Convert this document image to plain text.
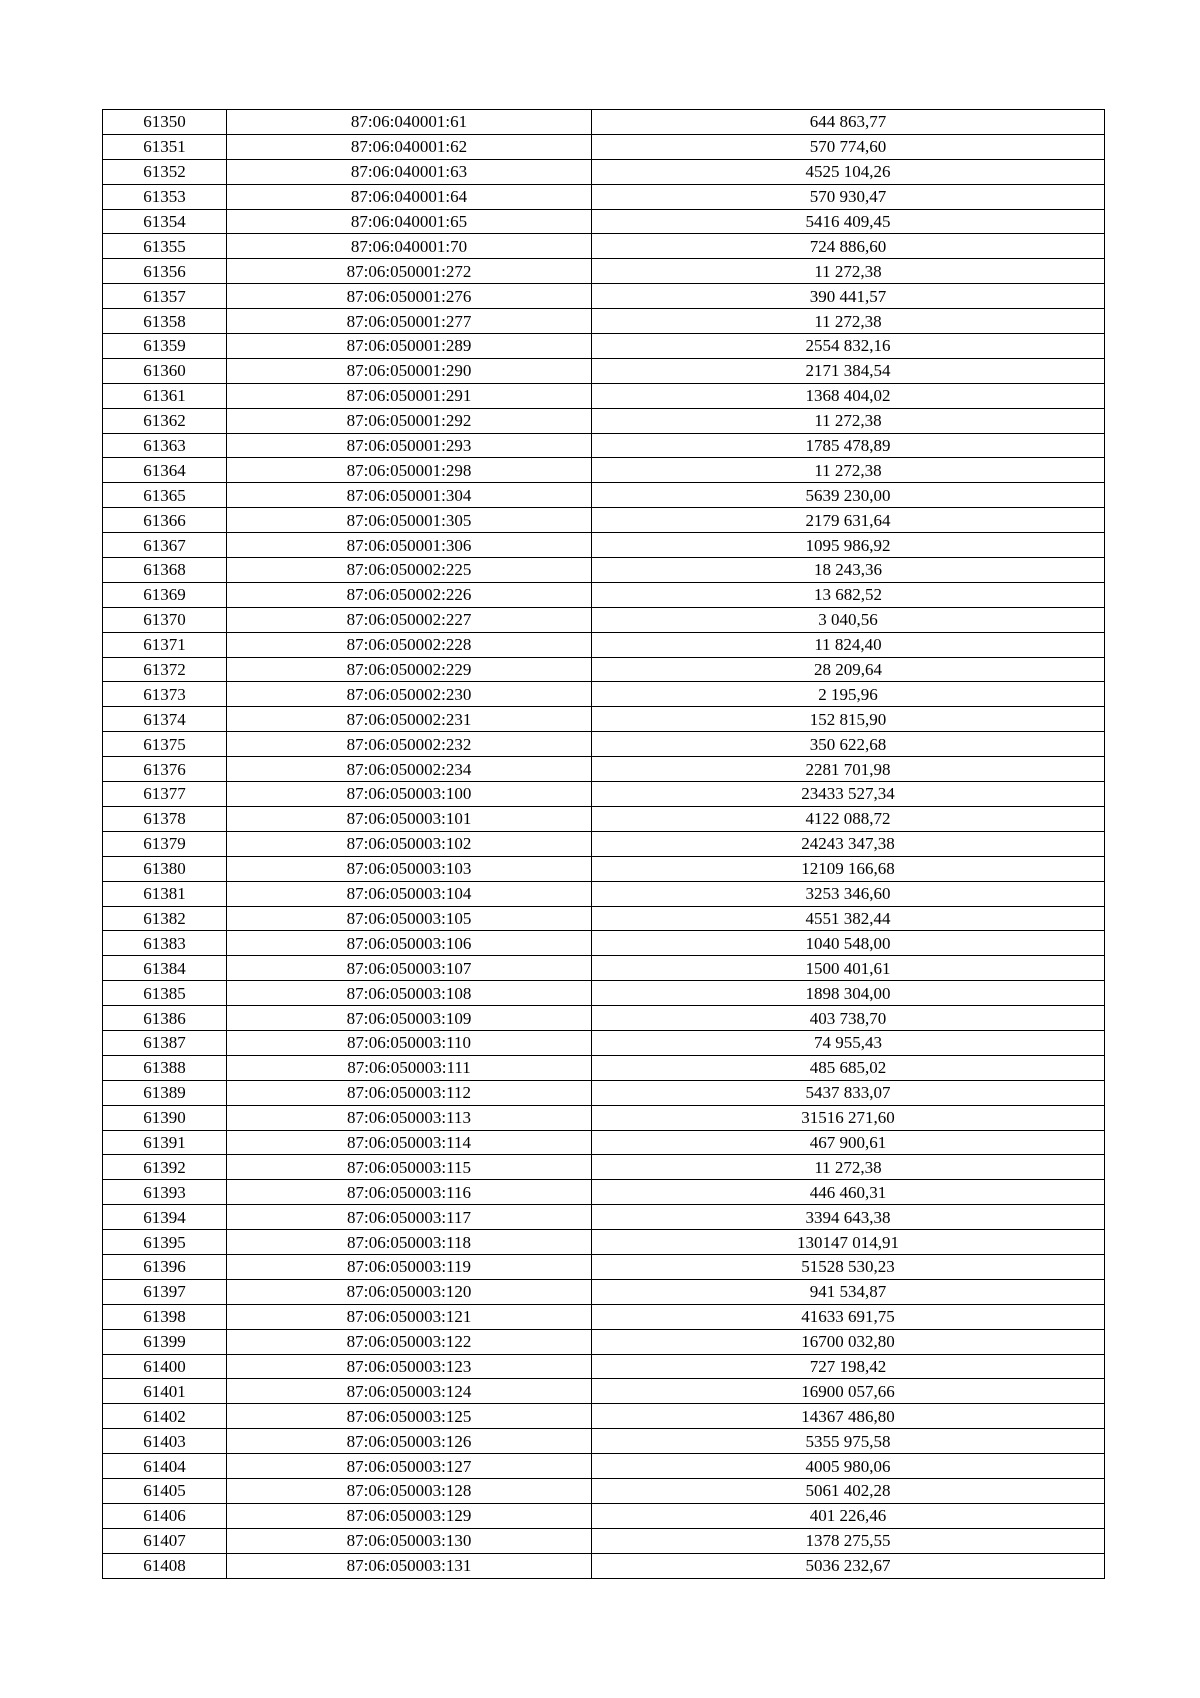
61350	87:06:040001:61	644 863,77
61351	87:06:040001:62	570 774,60
61352	87:06:040001:63	4525 104,26
61353	87:06:040001:64	570 930,47
61354	87:06:040001:65	5416 409,45
61355	87:06:040001:70	724 886,60
61356	87:06:050001:272	11 272,38
61357	87:06:050001:276	390 441,57
61358	87:06:050001:277	11 272,38
61359	87:06:050001:289	2554 832,16
61360	87:06:050001:290	2171 384,54
61361	87:06:050001:291	1368 404,02
61362	87:06:050001:292	11 272,38
61363	87:06:050001:293	1785 478,89
61364	87:06:050001:298	11 272,38
61365	87:06:050001:304	5639 230,00
61366	87:06:050001:305	2179 631,64
61367	87:06:050001:306	1095 986,92
61368	87:06:050002:225	18 243,36
61369	87:06:050002:226	13 682,52
61370	87:06:050002:227	3 040,56
61371	87:06:050002:228	11 824,40
61372	87:06:050002:229	28 209,64
61373	87:06:050002:230	2 195,96
61374	87:06:050002:231	152 815,90
61375	87:06:050002:232	350 622,68
61376	87:06:050002:234	2281 701,98
61377	87:06:050003:100	23433 527,34
61378	87:06:050003:101	4122 088,72
61379	87:06:050003:102	24243 347,38
61380	87:06:050003:103	12109 166,68
61381	87:06:050003:104	3253 346,60
61382	87:06:050003:105	4551 382,44
61383	87:06:050003:106	1040 548,00
61384	87:06:050003:107	1500 401,61
61385	87:06:050003:108	1898 304,00
61386	87:06:050003:109	403 738,70
61387	87:06:050003:110	74 955,43
61388	87:06:050003:111	485 685,02
61389	87:06:050003:112	5437 833,07
61390	87:06:050003:113	31516 271,60
61391	87:06:050003:114	467 900,61
61392	87:06:050003:115	11 272,38
61393	87:06:050003:116	446 460,31
61394	87:06:050003:117	3394 643,38
61395	87:06:050003:118	130147 014,91
61396	87:06:050003:119	51528 530,23
61397	87:06:050003:120	941 534,87
61398	87:06:050003:121	41633 691,75
61399	87:06:050003:122	16700 032,80
61400	87:06:050003:123	727 198,42
61401	87:06:050003:124	16900 057,66
61402	87:06:050003:125	14367 486,80
61403	87:06:050003:126	5355 975,58
61404	87:06:050003:127	4005 980,06
61405	87:06:050003:128	5061 402,28
61406	87:06:050003:129	401 226,46
61407	87:06:050003:130	1378 275,55
61408	87:06:050003:131	5036 232,67
